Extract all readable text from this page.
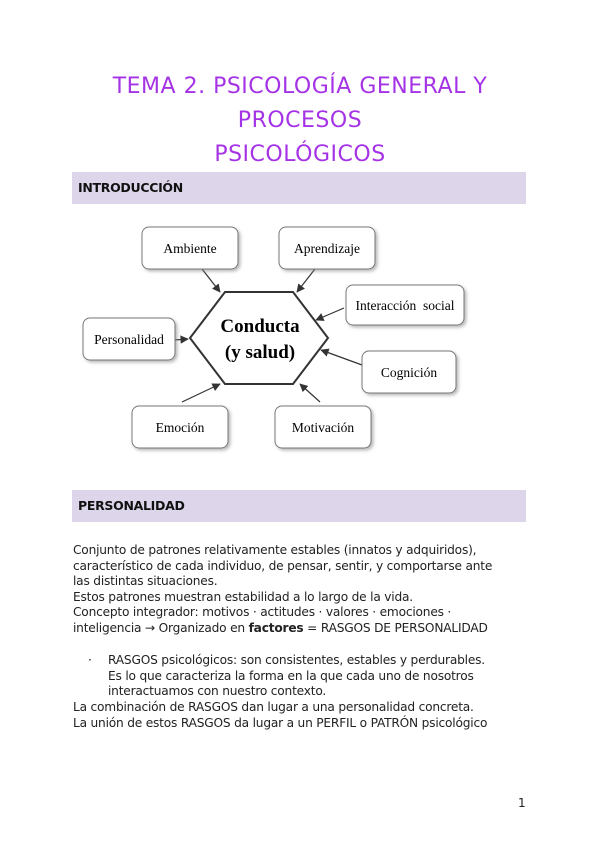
TEMA 2. PSICOLOGÍA GENERAL Y PROCESOS
PSICOLÓGICOS
INTRODUCCIÓN
Conducta
(y salud)
Ambiente	Aprendizaje
Interacción  social
Personalidad
Cognición
Emoción	Motivación
PERSONALIDAD

Conjunto de patrones relativamente estables (innatos y adquiridos),

característico de cada individuo, de pensar, sentir, y comportarse ante

las distintas situaciones.

Estos patrones muestran estabilidad a lo largo de la vida.

Concepto integrador: motivos · actitudes · valores · emociones ·

inteligencia → Organizado en factores = RASGOS DE PERSONALIDAD

· RASGOS psicológicos: son consistentes, estables y perdurables.

Es lo que caracteriza la forma en la que cada uno de nosotros

interactuamos con nuestro contexto.

La combinación de RASGOS dan lugar a una personalidad concreta.

La unión de estos RASGOS da lugar a un PERFIL o PATRÓN psicológico

1
